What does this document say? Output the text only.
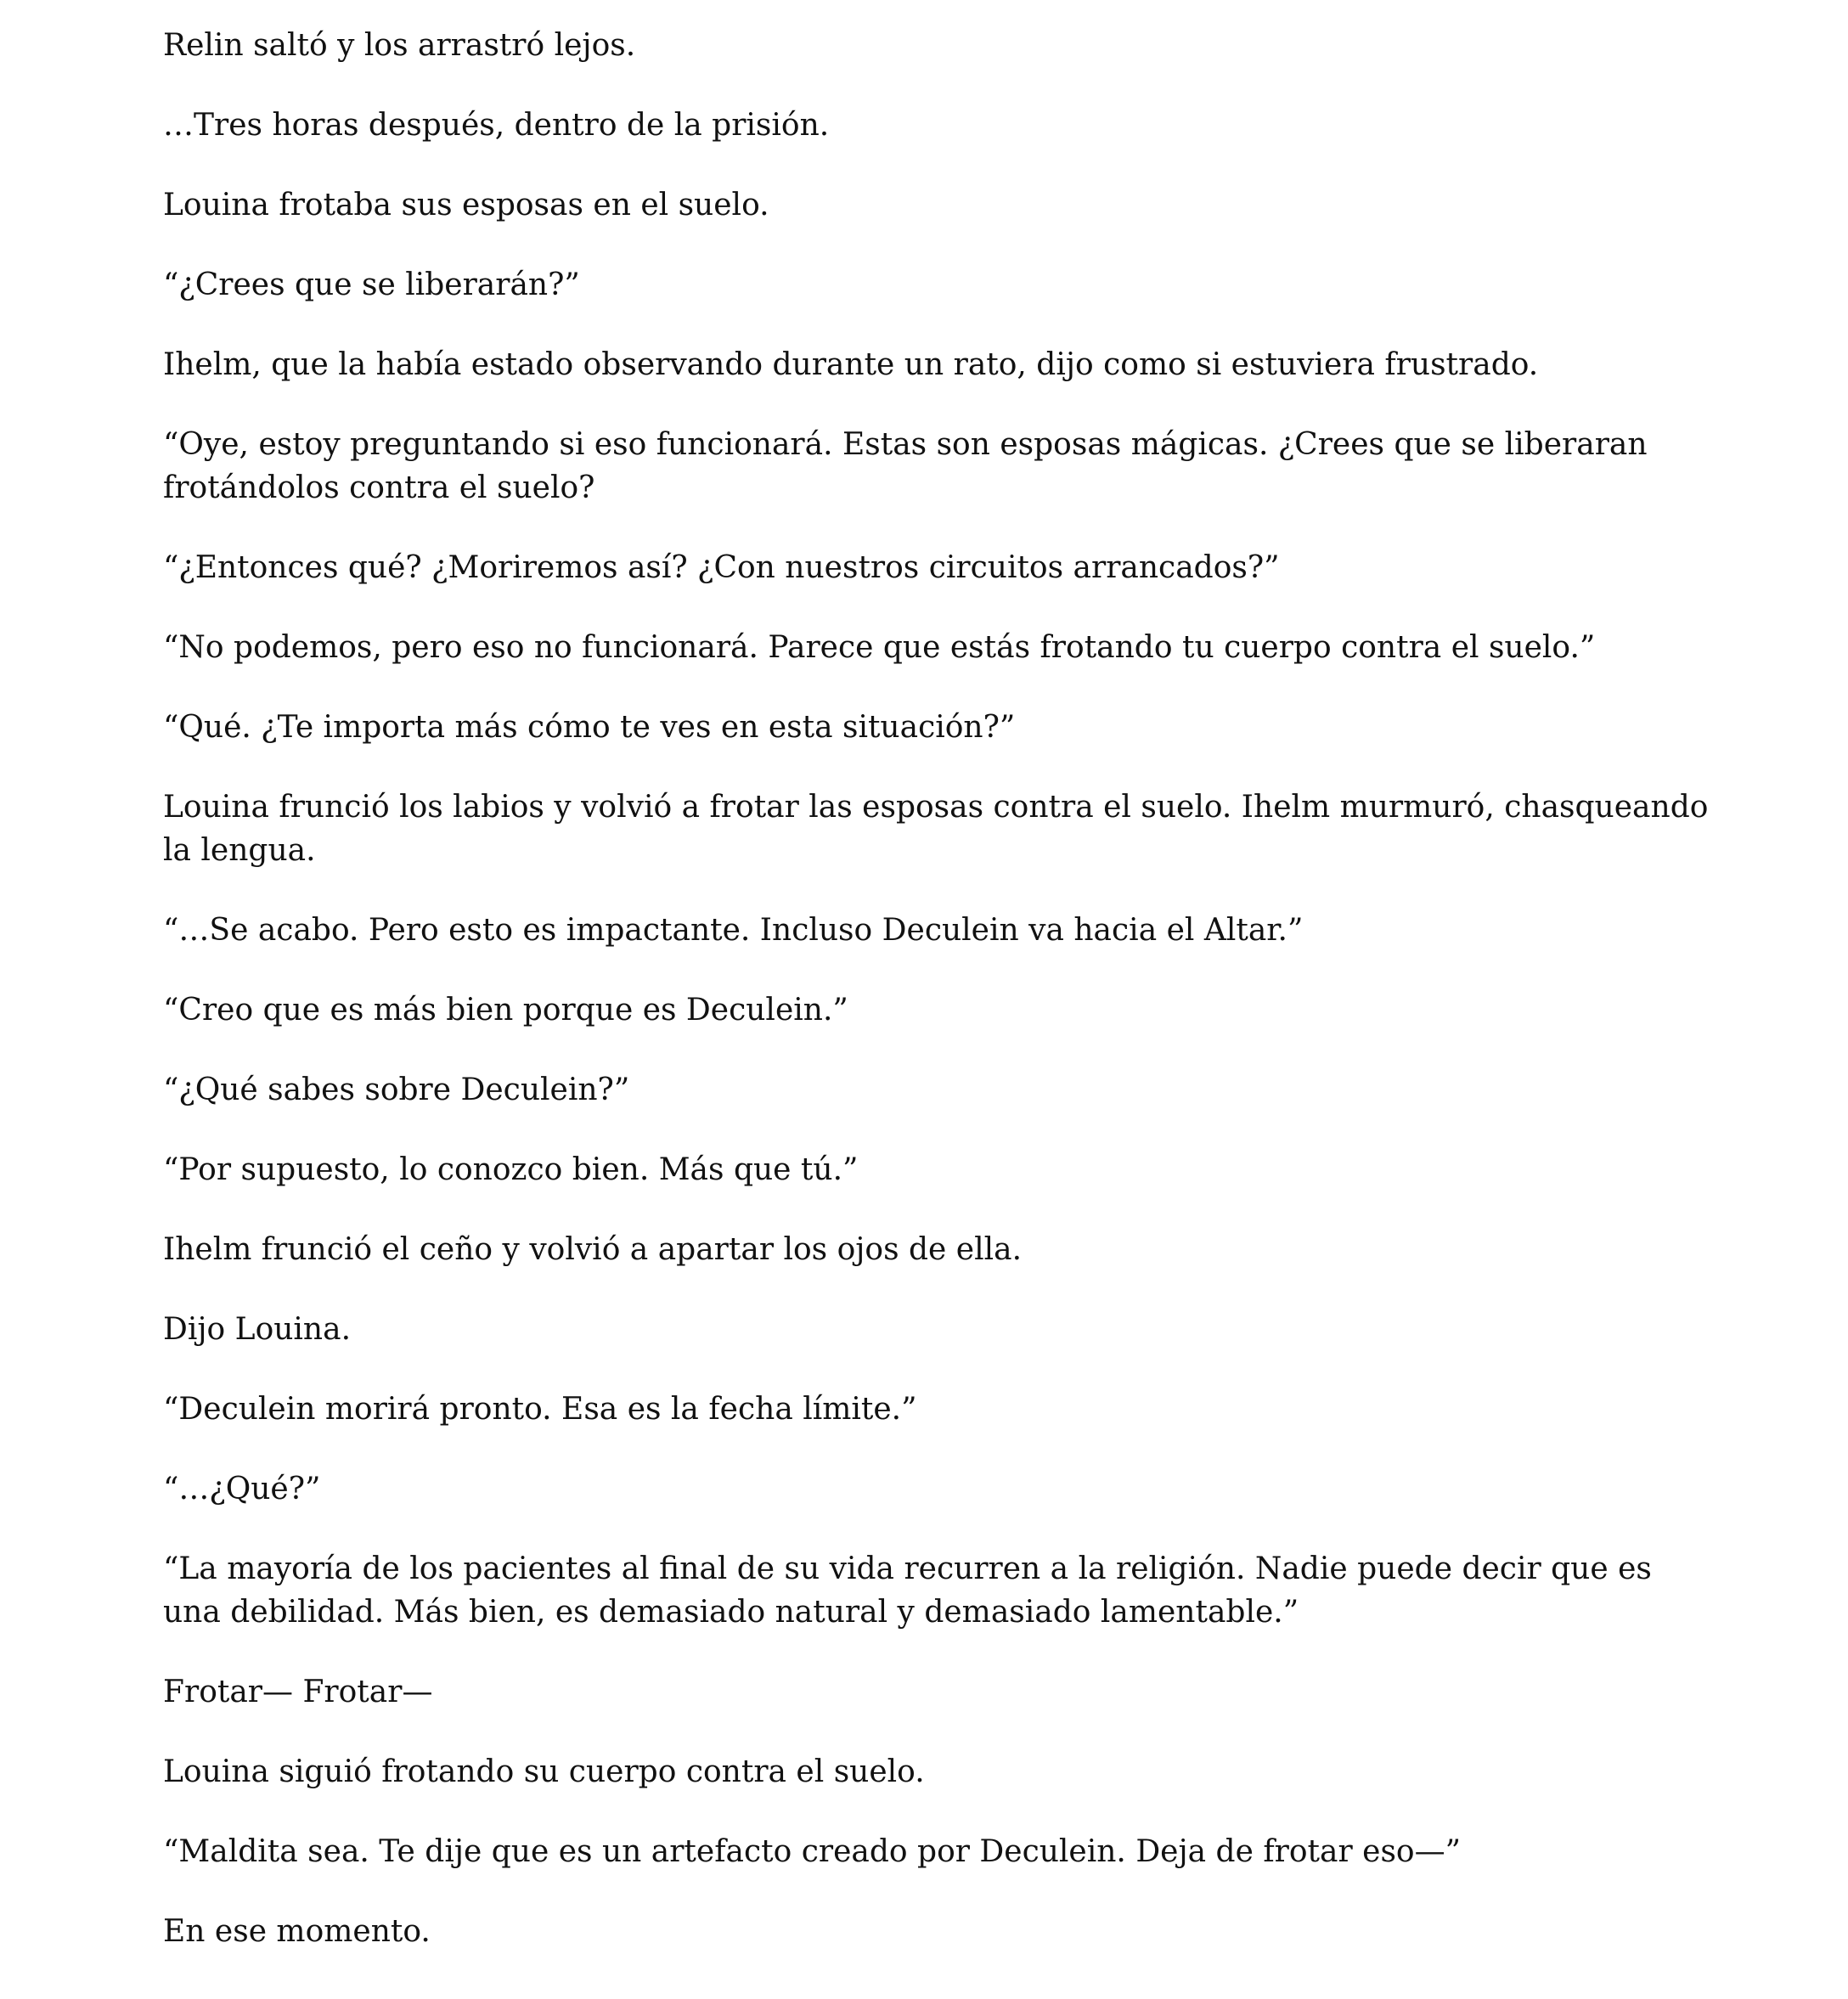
Relin saltó y los arrastró lejos.

…Tres horas después, dentro de la prisión.

Louina frotaba sus esposas en el suelo.

“¿Crees que se liberarán?”

Ihelm, que la había estado observando durante un rato, dijo como si estuviera frustrado.

“Oye, estoy preguntando si eso funcionará. Estas son esposas mágicas. ¿Crees que se liberaran frotándolos contra el suelo?

“¿Entonces qué? ¿Moriremos así? ¿Con nuestros circuitos arrancados?”

“No podemos, pero eso no funcionará. Parece que estás frotando tu cuerpo contra el suelo.”

“Qué. ¿Te importa más cómo te ves en esta situación?”

Louina frunció los labios y volvió a frotar las esposas contra el suelo. Ihelm murmuró, chasqueando la lengua.

“…Se acabo. Pero esto es impactante. Incluso Deculein va hacia el Altar.”

“Creo que es más bien porque es Deculein.”

“¿Qué sabes sobre Deculein?”

“Por supuesto, lo conozco bien. Más que tú.”

Ihelm frunció el ceño y volvió a apartar los ojos de ella.

Dijo Louina.

“Deculein morirá pronto. Esa es la fecha límite.”

“…¿Qué?”

“La mayoría de los pacientes al final de su vida recurren a la religión. Nadie puede decir que es una debilidad. Más bien, es demasiado natural y demasiado lamentable.”

Frotar— Frotar—

Louina siguió frotando su cuerpo contra el suelo.

“Maldita sea. Te dije que es un artefacto creado por Deculein. Deja de frotar eso—”

En ese momento.
